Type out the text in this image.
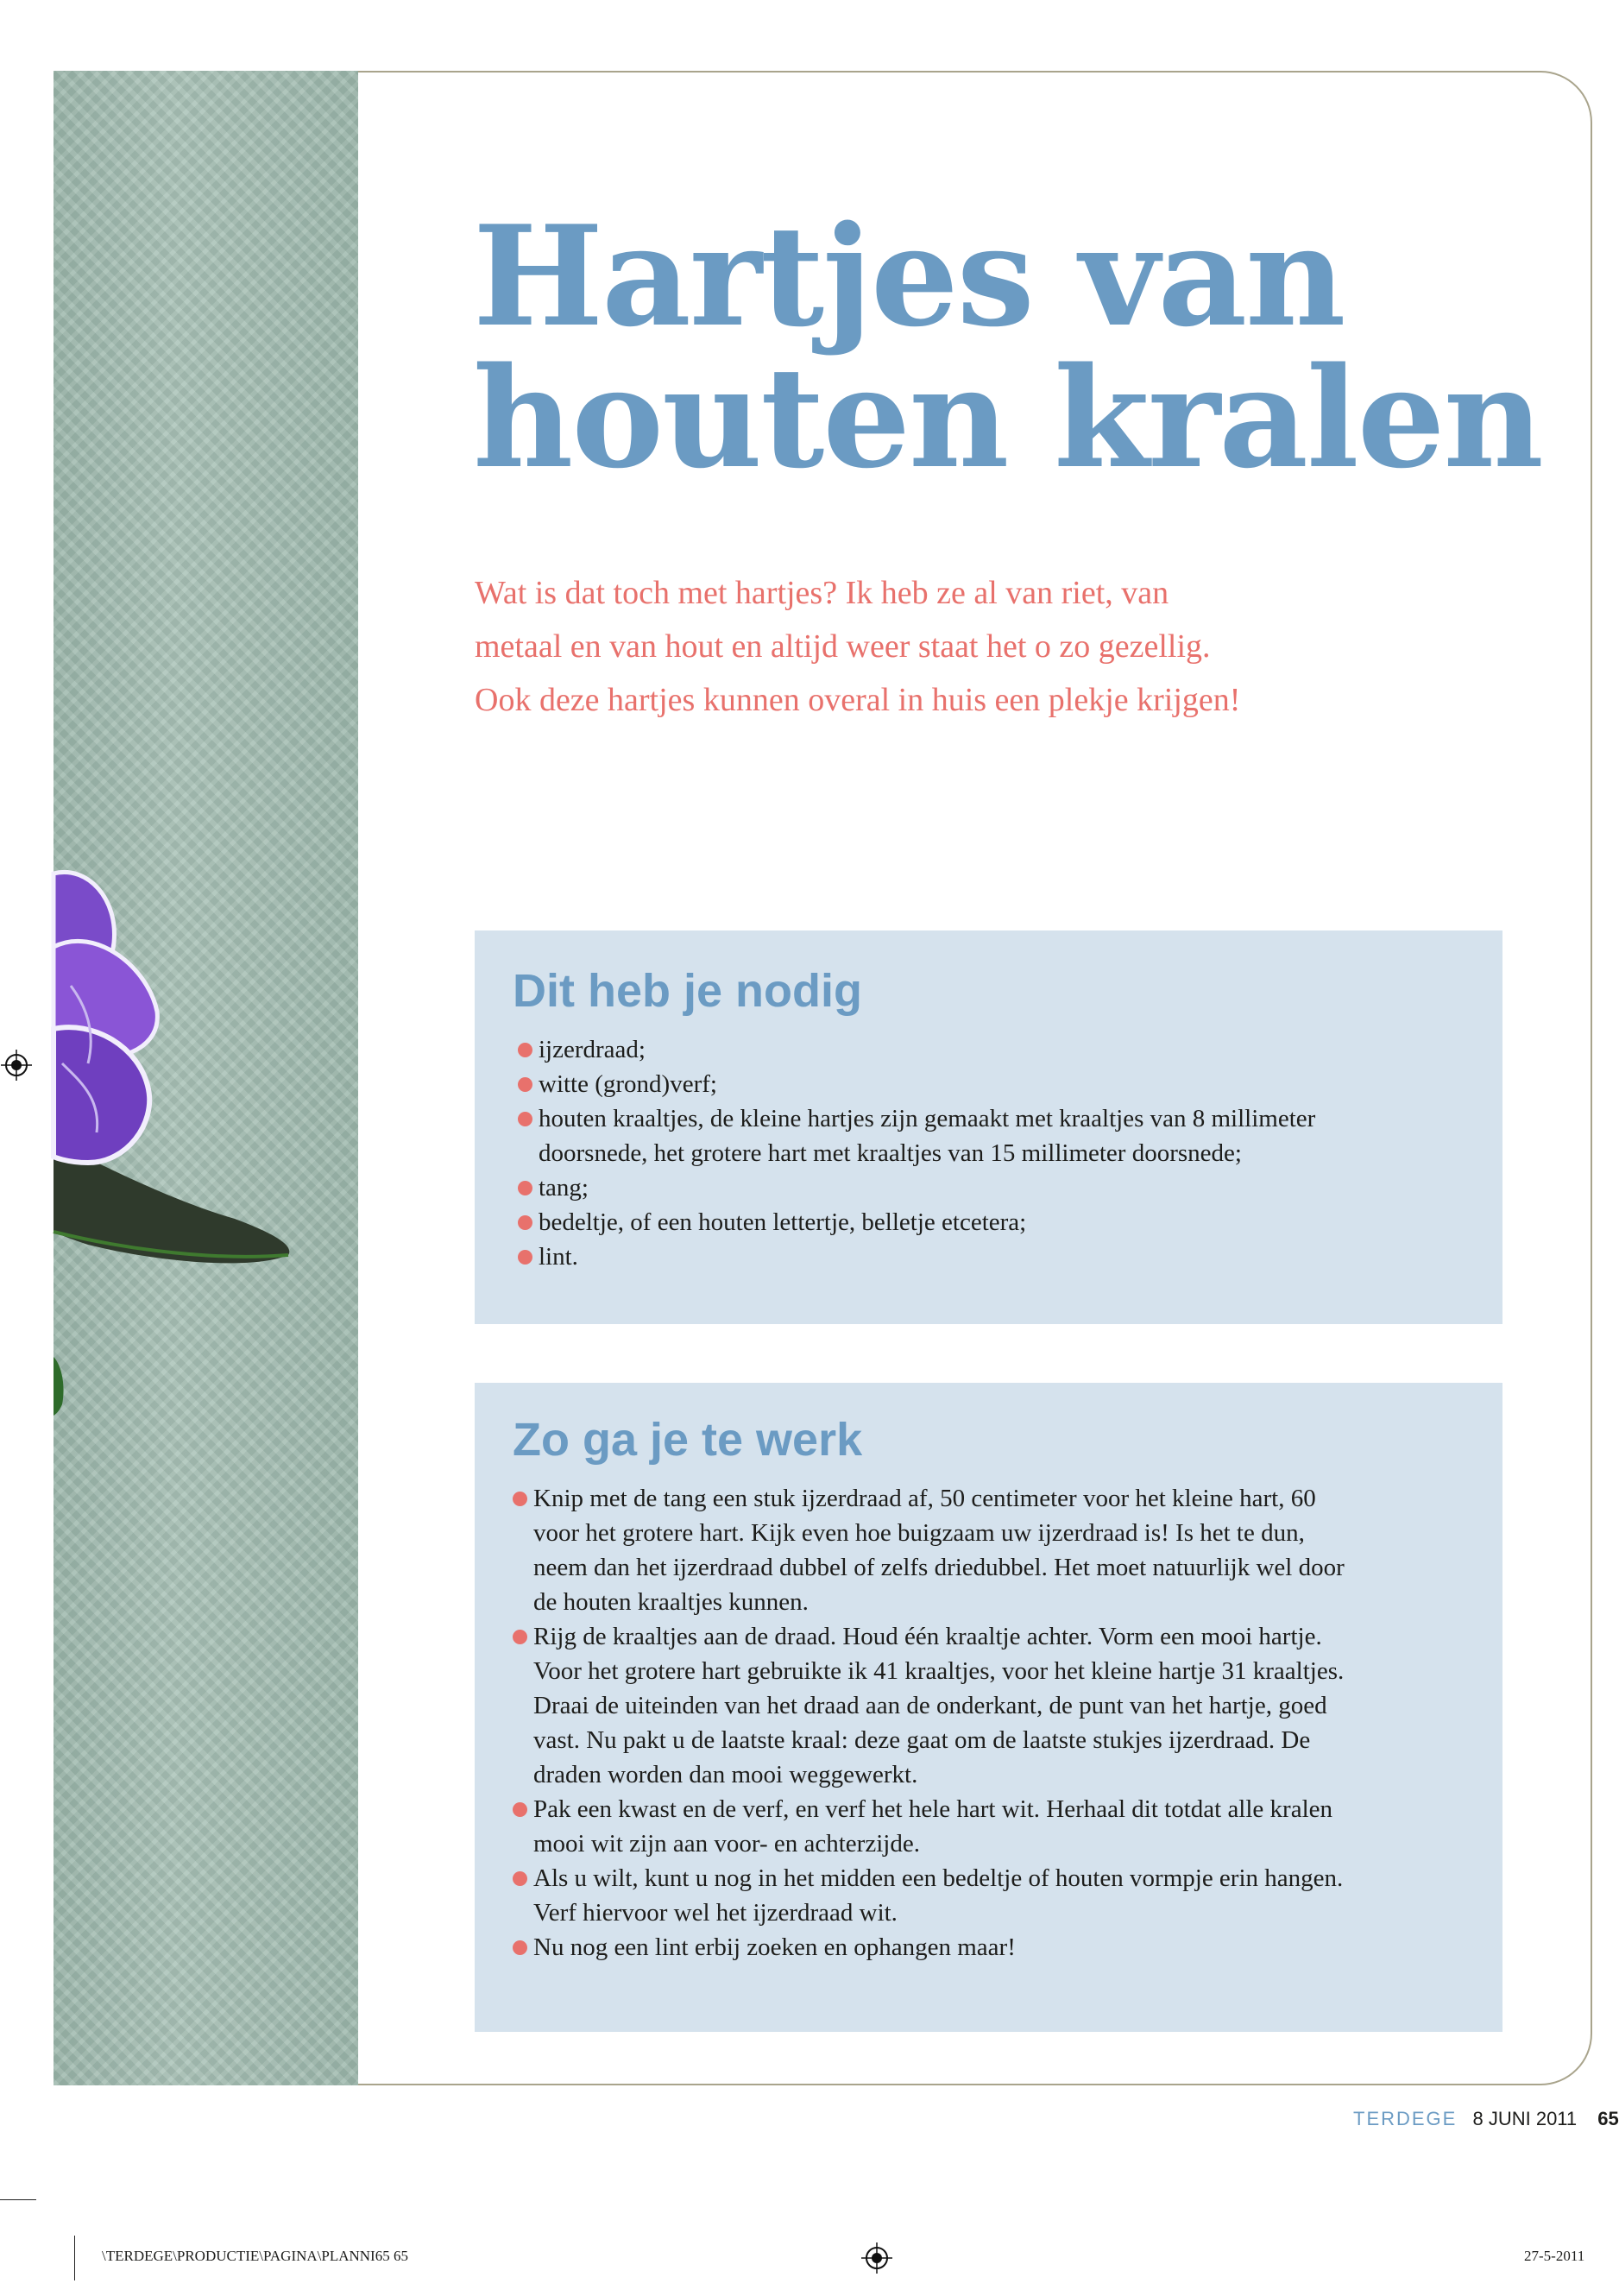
Hartjes van
houten kralen

Wat is dat toch met hartjes? Ik heb ze al van riet, van
metaal en van hout en altijd weer staat het o zo gezellig.
Ook deze hartjes kunnen overal in huis een plekje krijgen!

Dit heb je nodig
ijzerdraad;
witte (grond)verf;
houten kraaltjes, de kleine hartjes zijn gemaakt met kraaltjes van 8 millimeter
doorsnede, het grotere hart met kraaltjes van 15 millimeter doorsnede;
tang;
bedeltje, of een houten lettertje, belletje etcetera;
lint.
Zo ga je te werk
Knip met de tang een stuk ijzerdraad af, 50 centimeter voor het kleine hart, 60
voor het grotere hart. Kijk even hoe buigzaam uw ijzerdraad is! Is het te dun,
neem dan het ijzerdraad dubbel of zelfs driedubbel. Het moet natuurlijk wel door
de houten kraaltjes kunnen.
Rijg de kraaltjes aan de draad. Houd één kraaltje achter. Vorm een mooi hartje.
Voor het grotere hart gebruikte ik 41 kraaltjes, voor het kleine hartje 31 kraaltjes.
Draai de uiteinden van het draad aan de onderkant, de punt van het hartje, goed
vast. Nu pakt u de laatste kraal: deze gaat om de laatste stukjes ijzerdraad. De
draden worden dan mooi weggewerkt.
Pak een kwast en de verf, en verf het hele hart wit. Herhaal dit totdat alle kralen
mooi wit zijn aan voor- en achterzijde.
Als u wilt, kunt u nog in het midden een bedeltje of houten vormpje erin hangen.
Verf hiervoor wel het ijzerdraad wit.
Nu nog een lint erbij zoeken en ophangen maar!
TERDEGE 8 JUNI 2011 65
\TERDEGE\PRODUCTIE\PAGINA\PLANNI65 65	27-5-2011
